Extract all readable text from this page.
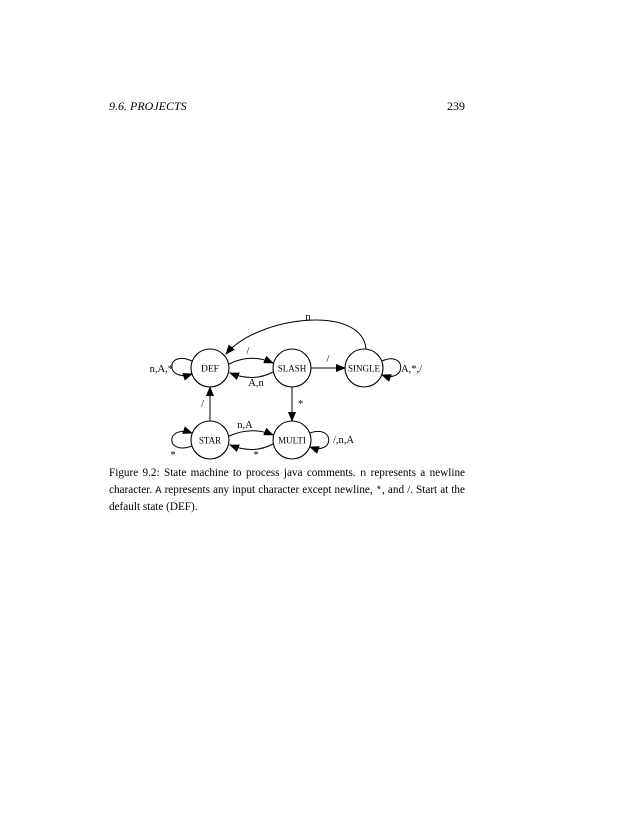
9.6. PROJECTS	239
DEF	SLASH	SINGLE
STAR	MULTI
n
n,A,*
/
A,n
/
A,*,/
*
/
n,A
*
*
/,n,A
Figure 9.2: State machine to process java comments. n represents a newline character. A represents any input character except newline, *, and /. Start at the default state (DEF).
